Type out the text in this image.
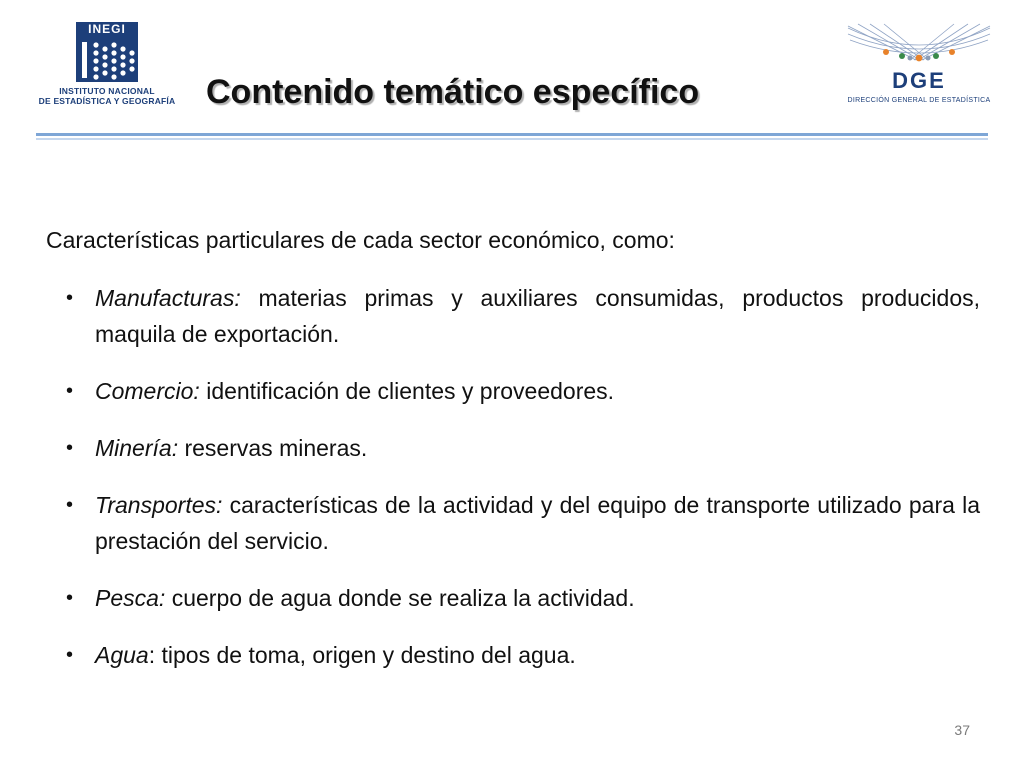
INEGI
INSTITUTO NACIONAL
DE ESTADÍSTICA Y GEOGRAFÍA Contenido temático específico	DGE
DIRECCIÓN GENERAL DE ESTADÍSTICA
Características particulares de cada sector económico, como:
• Manufacturas: materias primas y auxiliares consumidas, productos producidos, maquila de exportación.
• Comercio: identificación de clientes y proveedores.
• Minería: reservas mineras.
• Transportes: características de la actividad y del equipo de transporte utilizado para la prestación del servicio.
• Pesca: cuerpo de agua donde se realiza la actividad.
• Agua: tipos de toma, origen y destino del agua.
37
